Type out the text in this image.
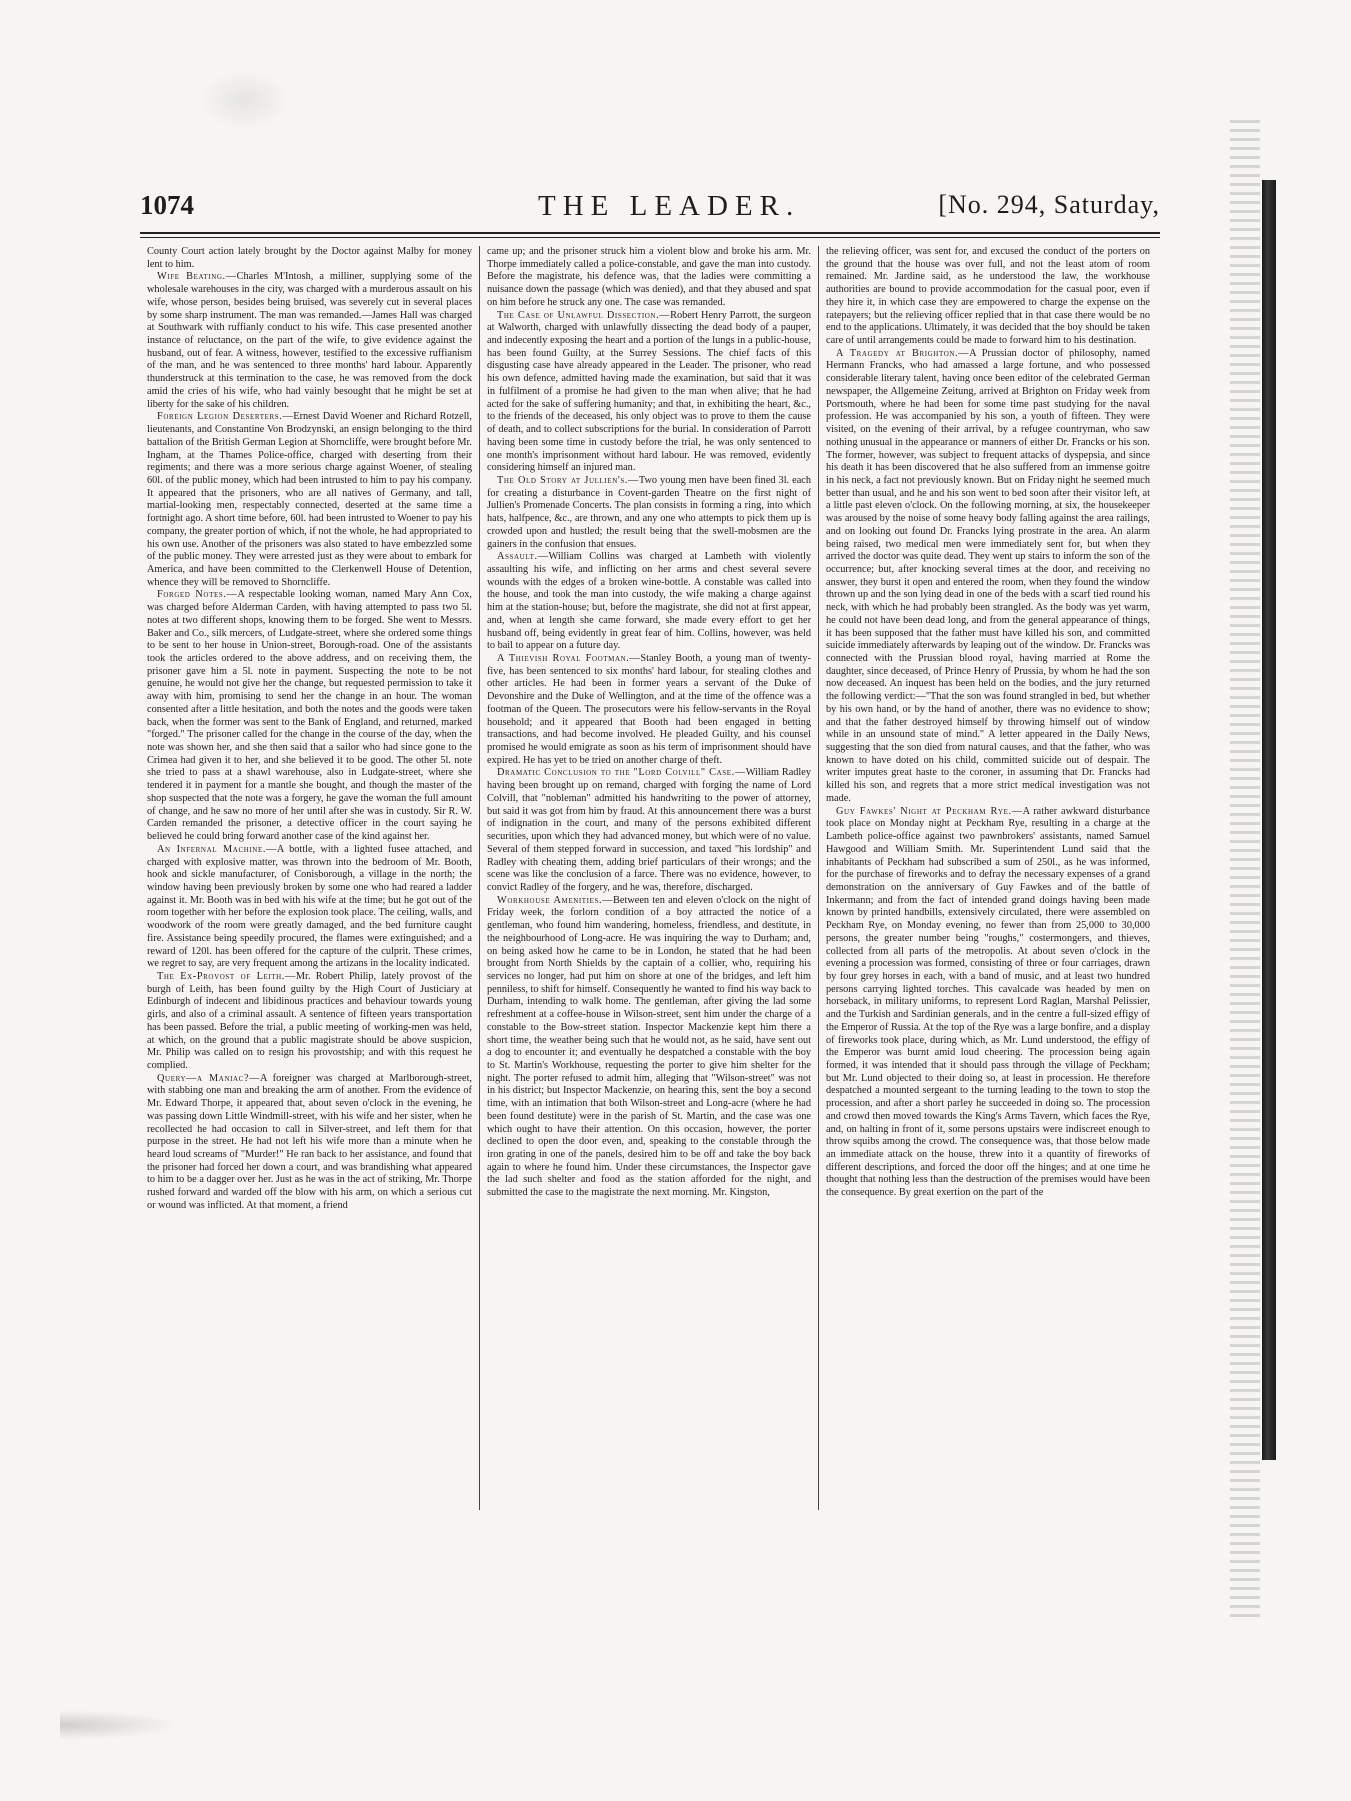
1074	THE LEADER.	[No. 294, Saturday,

County Court action lately brought by the Doctor against Malby for money lent to him.

Wife Beating.—Charles M'Intosh, a milliner, supplying some of the wholesale warehouses in the city, was charged with a murderous assault on his wife, whose person, besides being bruised, was severely cut in several places by some sharp instrument. The man was remanded.—James Hall was charged at Southwark with ruffianly conduct to his wife. This case presented another instance of reluctance, on the part of the wife, to give evidence against the husband, out of fear. A witness, however, testified to the excessive ruffianism of the man, and he was sentenced to three months' hard labour. Apparently thunderstruck at this termination to the case, he was removed from the dock amid the cries of his wife, who had vainly besought that he might be set at liberty for the sake of his children.

Foreign Legion Deserters.—Ernest David Woener and Richard Rotzell, lieutenants, and Constantine Von Brodzynski, an ensign belonging to the third battalion of the British German Legion at Shorncliffe, were brought before Mr. Ingham, at the Thames Police-office, charged with deserting from their regiments; and there was a more serious charge against Woener, of stealing 60l. of the public money, which had been intrusted to him to pay his company. It appeared that the prisoners, who are all natives of Germany, and tall, martial-looking men, respectably connected, deserted at the same time a fortnight ago. A short time before, 60l. had been intrusted to Woener to pay his company, the greater portion of which, if not the whole, he had appropriated to his own use. Another of the prisoners was also stated to have embezzled some of the public money. They were arrested just as they were about to embark for America, and have been committed to the Clerkenwell House of Detention, whence they will be removed to Shorncliffe.

Forged Notes.—A respectable looking woman, named Mary Ann Cox, was charged before Alderman Carden, with having attempted to pass two 5l. notes at two different shops, knowing them to be forged. She went to Messrs. Baker and Co., silk mercers, of Ludgate-street, where she ordered some things to be sent to her house in Union-street, Borough-road. One of the assistants took the articles ordered to the above address, and on receiving them, the prisoner gave him a 5l. note in payment. Suspecting the note to be not genuine, he would not give her the change, but requested permission to take it away with him, promising to send her the change in an hour. The woman consented after a little hesitation, and both the notes and the goods were taken back, when the former was sent to the Bank of England, and returned, marked "forged." The prisoner called for the change in the course of the day, when the note was shown her, and she then said that a sailor who had since gone to the Crimea had given it to her, and she believed it to be good. The other 5l. note she tried to pass at a shawl warehouse, also in Ludgate-street, where she tendered it in payment for a mantle she bought, and though the master of the shop suspected that the note was a forgery, he gave the woman the full amount of change, and he saw no more of her until after she was in custody. Sir R. W. Carden remanded the prisoner, a detective officer in the court saying he believed he could bring forward another case of the kind against her.

An Infernal Machine.—A bottle, with a lighted fusee attached, and charged with explosive matter, was thrown into the bedroom of Mr. Booth, hook and sickle manufacturer, of Conisborough, a village in the north; the window having been previously broken by some one who had reared a ladder against it. Mr. Booth was in bed with his wife at the time; but he got out of the room together with her before the explosion took place. The ceiling, walls, and woodwork of the room were greatly damaged, and the bed furniture caught fire. Assistance being speedily procured, the flames were extinguished; and a reward of 120l. has been offered for the capture of the culprit. These crimes, we regret to say, are very frequent among the artizans in the locality indicated.

The Ex-Provost of Leith.—Mr. Robert Philip, lately provost of the burgh of Leith, has been found guilty by the High Court of Justiciary at Edinburgh of indecent and libidinous practices and behaviour towards young girls, and also of a criminal assault. A sentence of fifteen years transportation has been passed. Before the trial, a public meeting of working-men was held, at which, on the ground that a public magistrate should be above suspicion, Mr. Philip was called on to resign his provostship; and with this request he complied.

Query—a Maniac?—A foreigner was charged at Marlborough-street, with stabbing one man and breaking the arm of another. From the evidence of Mr. Edward Thorpe, it appeared that, about seven o'clock in the evening, he was passing down Little Windmill-street, with his wife and her sister, when he recollected he had occasion to call in Silver-street, and left them for that purpose in the street. He had not left his wife more than a minute when he heard loud screams of "Murder!" He ran back to her assistance, and found that the prisoner had forced her down a court, and was brandishing what appeared to him to be a dagger over her. Just as he was in the act of striking, Mr. Thorpe rushed forward and warded off the blow with his arm, on which a serious cut or wound was inflicted. At that moment, a friend

came up; and the prisoner struck him a violent blow and broke his arm. Mr. Thorpe immediately called a police-constable, and gave the man into custody. Before the magistrate, his defence was, that the ladies were committing a nuisance down the passage (which was denied), and that they abused and spat on him before he struck any one. The case was remanded.

The Case of Unlawful Dissection.—Robert Henry Parrott, the surgeon at Walworth, charged with unlawfully dissecting the dead body of a pauper, and indecently exposing the heart and a portion of the lungs in a public-house, has been found Guilty, at the Surrey Sessions. The chief facts of this disgusting case have already appeared in the Leader. The prisoner, who read his own defence, admitted having made the examination, but said that it was in fulfilment of a promise he had given to the man when alive; that he had acted for the sake of suffering humanity; and that, in exhibiting the heart, &c., to the friends of the deceased, his only object was to prove to them the cause of death, and to collect subscriptions for the burial. In consideration of Parrott having been some time in custody before the trial, he was only sentenced to one month's imprisonment without hard labour. He was removed, evidently considering himself an injured man.

The Old Story at Jullien's.—Two young men have been fined 3l. each for creating a disturbance in Covent-garden Theatre on the first night of Jullien's Promenade Concerts. The plan consists in forming a ring, into which hats, halfpence, &c., are thrown, and any one who attempts to pick them up is crowded upon and hustled; the result being that the swell-mobsmen are the gainers in the confusion that ensues.

Assault.—William Collins was charged at Lambeth with violently assaulting his wife, and inflicting on her arms and chest several severe wounds with the edges of a broken wine-bottle. A constable was called into the house, and took the man into custody, the wife making a charge against him at the station-house; but, before the magistrate, she did not at first appear, and, when at length she came forward, she made every effort to get her husband off, being evidently in great fear of him. Collins, however, was held to bail to appear on a future day.

A Thievish Royal Footman.—Stanley Booth, a young man of twenty-five, has been sentenced to six months' hard labour, for stealing clothes and other articles. He had been in former years a servant of the Duke of Devonshire and the Duke of Wellington, and at the time of the offence was a footman of the Queen. The prosecutors were his fellow-servants in the Royal household; and it appeared that Booth had been engaged in betting transactions, and had become involved. He pleaded Guilty, and his counsel promised he would emigrate as soon as his term of imprisonment should have expired. He has yet to be tried on another charge of theft.

Dramatic Conclusion to the "Lord Colvill" Case.—William Radley having been brought up on remand, charged with forging the name of Lord Colvill, that "nobleman" admitted his handwriting to the power of attorney, but said it was got from him by fraud. At this announcement there was a burst of indignation in the court, and many of the persons exhibited different securities, upon which they had advanced money, but which were of no value. Several of them stepped forward in succession, and taxed "his lordship" and Radley with cheating them, adding brief particulars of their wrongs; and the scene was like the conclusion of a farce. There was no evidence, however, to convict Radley of the forgery, and he was, therefore, discharged.

Workhouse Amenities.—Between ten and eleven o'clock on the night of Friday week, the forlorn condition of a boy attracted the notice of a gentleman, who found him wandering, homeless, friendless, and destitute, in the neighbourhood of Long-acre. He was inquiring the way to Durham; and, on being asked how he came to be in London, he stated that he had been brought from North Shields by the captain of a collier, who, requiring his services no longer, had put him on shore at one of the bridges, and left him penniless, to shift for himself. Consequently he wanted to find his way back to Durham, intending to walk home. The gentleman, after giving the lad some refreshment at a coffee-house in Wilson-street, sent him under the charge of a constable to the Bow-street station. Inspector Mackenzie kept him there a short time, the weather being such that he would not, as he said, have sent out a dog to encounter it; and eventually he despatched a constable with the boy to St. Martin's Workhouse, requesting the porter to give him shelter for the night. The porter refused to admit him, alleging that "Wilson-street" was not in his district; but Inspector Mackenzie, on hearing this, sent the boy a second time, with an intimation that both Wilson-street and Long-acre (where he had been found destitute) were in the parish of St. Martin, and the case was one which ought to have their attention. On this occasion, however, the porter declined to open the door even, and, speaking to the constable through the iron grating in one of the panels, desired him to be off and take the boy back again to where he found him. Under these circumstances, the Inspector gave the lad such shelter and food as the station afforded for the night, and submitted the case to the magistrate the next morning. Mr. Kingston,

the relieving officer, was sent for, and excused the conduct of the porters on the ground that the house was over full, and not the least atom of room remained. Mr. Jardine said, as he understood the law, the workhouse authorities are bound to provide accommodation for the casual poor, even if they hire it, in which case they are empowered to charge the expense on the ratepayers; but the relieving officer replied that in that case there would be no end to the applications. Ultimately, it was decided that the boy should be taken care of until arrangements could be made to forward him to his destination.

A Tragedy at Brighton.—A Prussian doctor of philosophy, named Hermann Francks, who had amassed a large fortune, and who possessed considerable literary talent, having once been editor of the celebrated German newspaper, the Allgemeine Zeitung, arrived at Brighton on Friday week from Portsmouth, where he had been for some time past studying for the naval profession. He was accompanied by his son, a youth of fifteen. They were visited, on the evening of their arrival, by a refugee countryman, who saw nothing unusual in the appearance or manners of either Dr. Francks or his son. The former, however, was subject to frequent attacks of dyspepsia, and since his death it has been discovered that he also suffered from an immense goitre in his neck, a fact not previously known. But on Friday night he seemed much better than usual, and he and his son went to bed soon after their visitor left, at a little past eleven o'clock. On the following morning, at six, the housekeeper was aroused by the noise of some heavy body falling against the area railings, and on looking out found Dr. Francks lying prostrate in the area. An alarm being raised, two medical men were immediately sent for, but when they arrived the doctor was quite dead. They went up stairs to inform the son of the occurrence; but, after knocking several times at the door, and receiving no answer, they burst it open and entered the room, when they found the window thrown up and the son lying dead in one of the beds with a scarf tied round his neck, with which he had probably been strangled. As the body was yet warm, he could not have been dead long, and from the general appearance of things, it has been supposed that the father must have killed his son, and committed suicide immediately afterwards by leaping out of the window. Dr. Francks was connected with the Prussian blood royal, having married at Rome the daughter, since deceased, of Prince Henry of Prussia, by whom he had the son now deceased. An inquest has been held on the bodies, and the jury returned the following verdict:—"That the son was found strangled in bed, but whether by his own hand, or by the hand of another, there was no evidence to show; and that the father destroyed himself by throwing himself out of window while in an unsound state of mind." A letter appeared in the Daily News, suggesting that the son died from natural causes, and that the father, who was known to have doted on his child, committed suicide out of despair. The writer imputes great haste to the coroner, in assuming that Dr. Francks had killed his son, and regrets that a more strict medical investigation was not made.

Guy Fawkes' Night at Peckham Rye.—A rather awkward disturbance took place on Monday night at Peckham Rye, resulting in a charge at the Lambeth police-office against two pawnbrokers' assistants, named Samuel Hawgood and William Smith. Mr. Superintendent Lund said that the inhabitants of Peckham had subscribed a sum of 250l., as he was informed, for the purchase of fireworks and to defray the necessary expenses of a grand demonstration on the anniversary of Guy Fawkes and of the battle of Inkermann; and from the fact of intended grand doings having been made known by printed handbills, extensively circulated, there were assembled on Peckham Rye, on Monday evening, no fewer than from 25,000 to 30,000 persons, the greater number being "roughs," costermongers, and thieves, collected from all parts of the metropolis. At about seven o'clock in the evening a procession was formed, consisting of three or four carriages, drawn by four grey horses in each, with a band of music, and at least two hundred persons carrying lighted torches. This cavalcade was headed by men on horseback, in military uniforms, to represent Lord Raglan, Marshal Pelissier, and the Turkish and Sardinian generals, and in the centre a full-sized effigy of the Emperor of Russia. At the top of the Rye was a large bonfire, and a display of fireworks took place, during which, as Mr. Lund understood, the effigy of the Emperor was burnt amid loud cheering. The procession being again formed, it was intended that it should pass through the village of Peckham; but Mr. Lund objected to their doing so, at least in procession. He therefore despatched a mounted sergeant to the turning leading to the town to stop the procession, and after a short parley he succeeded in doing so. The procession and crowd then moved towards the King's Arms Tavern, which faces the Rye, and, on halting in front of it, some persons upstairs were indiscreet enough to throw squibs among the crowd. The consequence was, that those below made an immediate attack on the house, threw into it a quantity of fireworks of different descriptions, and forced the door off the hinges; and at one time he thought that nothing less than the destruction of the premises would have been the consequence. By great exertion on the part of the
